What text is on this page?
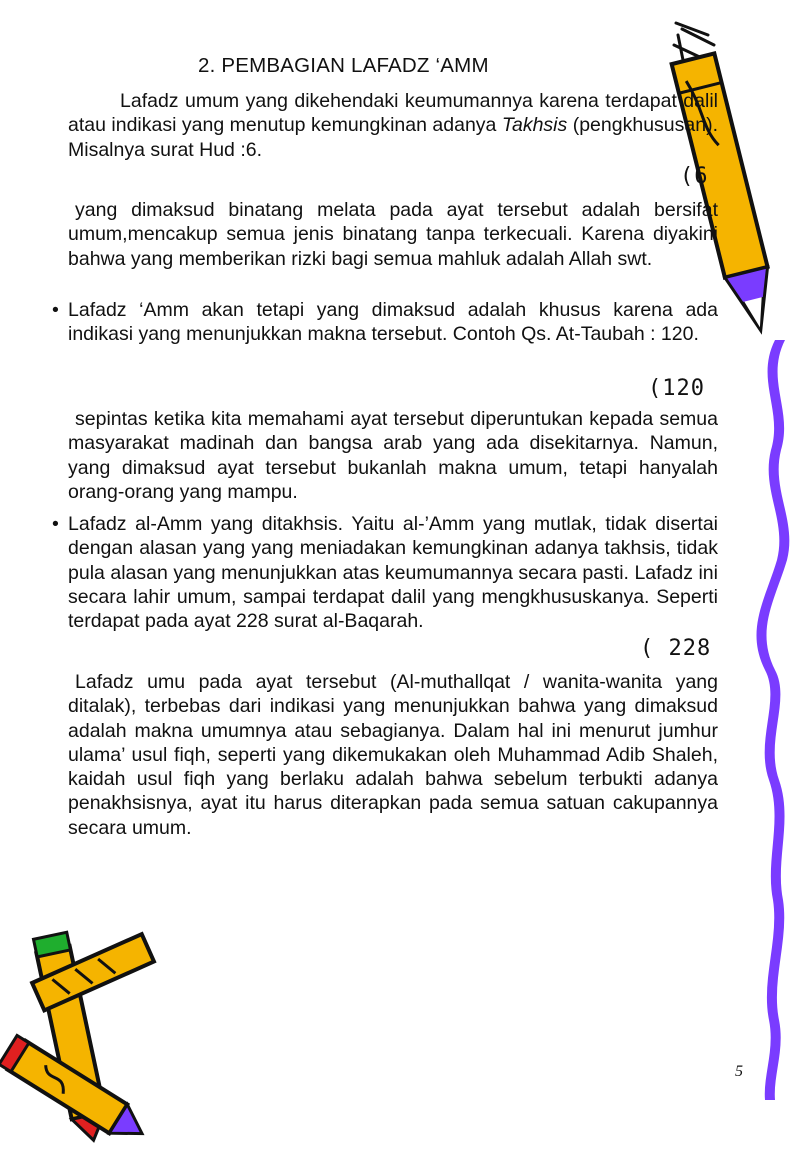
2. PEMBAGIAN LAFADZ ‘AMM

Lafadz umum yang dikehendaki keumumannya karena terdapat dalil atau indikasi yang menutup kemungkinan adanya Takhsis (pengkhususan). Misalnya surat Hud :6.

(6

yang dimaksud binatang melata pada ayat tersebut adalah bersifat umum,mencakup semua jenis binatang tanpa terkecuali. Karena diyakini bahwa yang memberikan rizki bagi semua mahluk adalah Allah swt.

• Lafadz ‘Amm akan tetapi yang dimaksud adalah khusus karena ada indikasi yang menunjukkan makna tersebut. Contoh Qs. At-Taubah : 120.

(120

sepintas ketika kita memahami ayat tersebut diperuntukan kepada semua masyarakat madinah dan bangsa arab yang ada disekitarnya. Namun, yang dimaksud ayat tersebut bukanlah makna umum, tetapi hanyalah orang-orang yang mampu.

• Lafadz al-Amm yang ditakhsis. Yaitu al-’Amm yang mutlak, tidak disertai dengan alasan yang yang meniadakan kemungkinan adanya takhsis, tidak pula alasan yang menunjukkan atas keumumannya secara pasti. Lafadz ini secara lahir umum, sampai terdapat dalil yang mengkhususkanya. Seperti terdapat pada ayat 228 surat al-Baqarah.

( 228

Lafadz umu pada ayat tersebut (Al-muthallqat / wanita-wanita yang ditalak), terbebas dari indikasi yang menunjukkan bahwa yang dimaksud adalah makna umumnya atau sebagianya. Dalam hal ini menurut jumhur ulama’ usul fiqh, seperti yang dikemukakan oleh Muhammad Adib Shaleh, kaidah usul fiqh yang berlaku adalah bahwa sebelum terbukti adanya penakhsisnya, ayat itu harus diterapkan pada semua satuan cakupannya secara umum.

5
